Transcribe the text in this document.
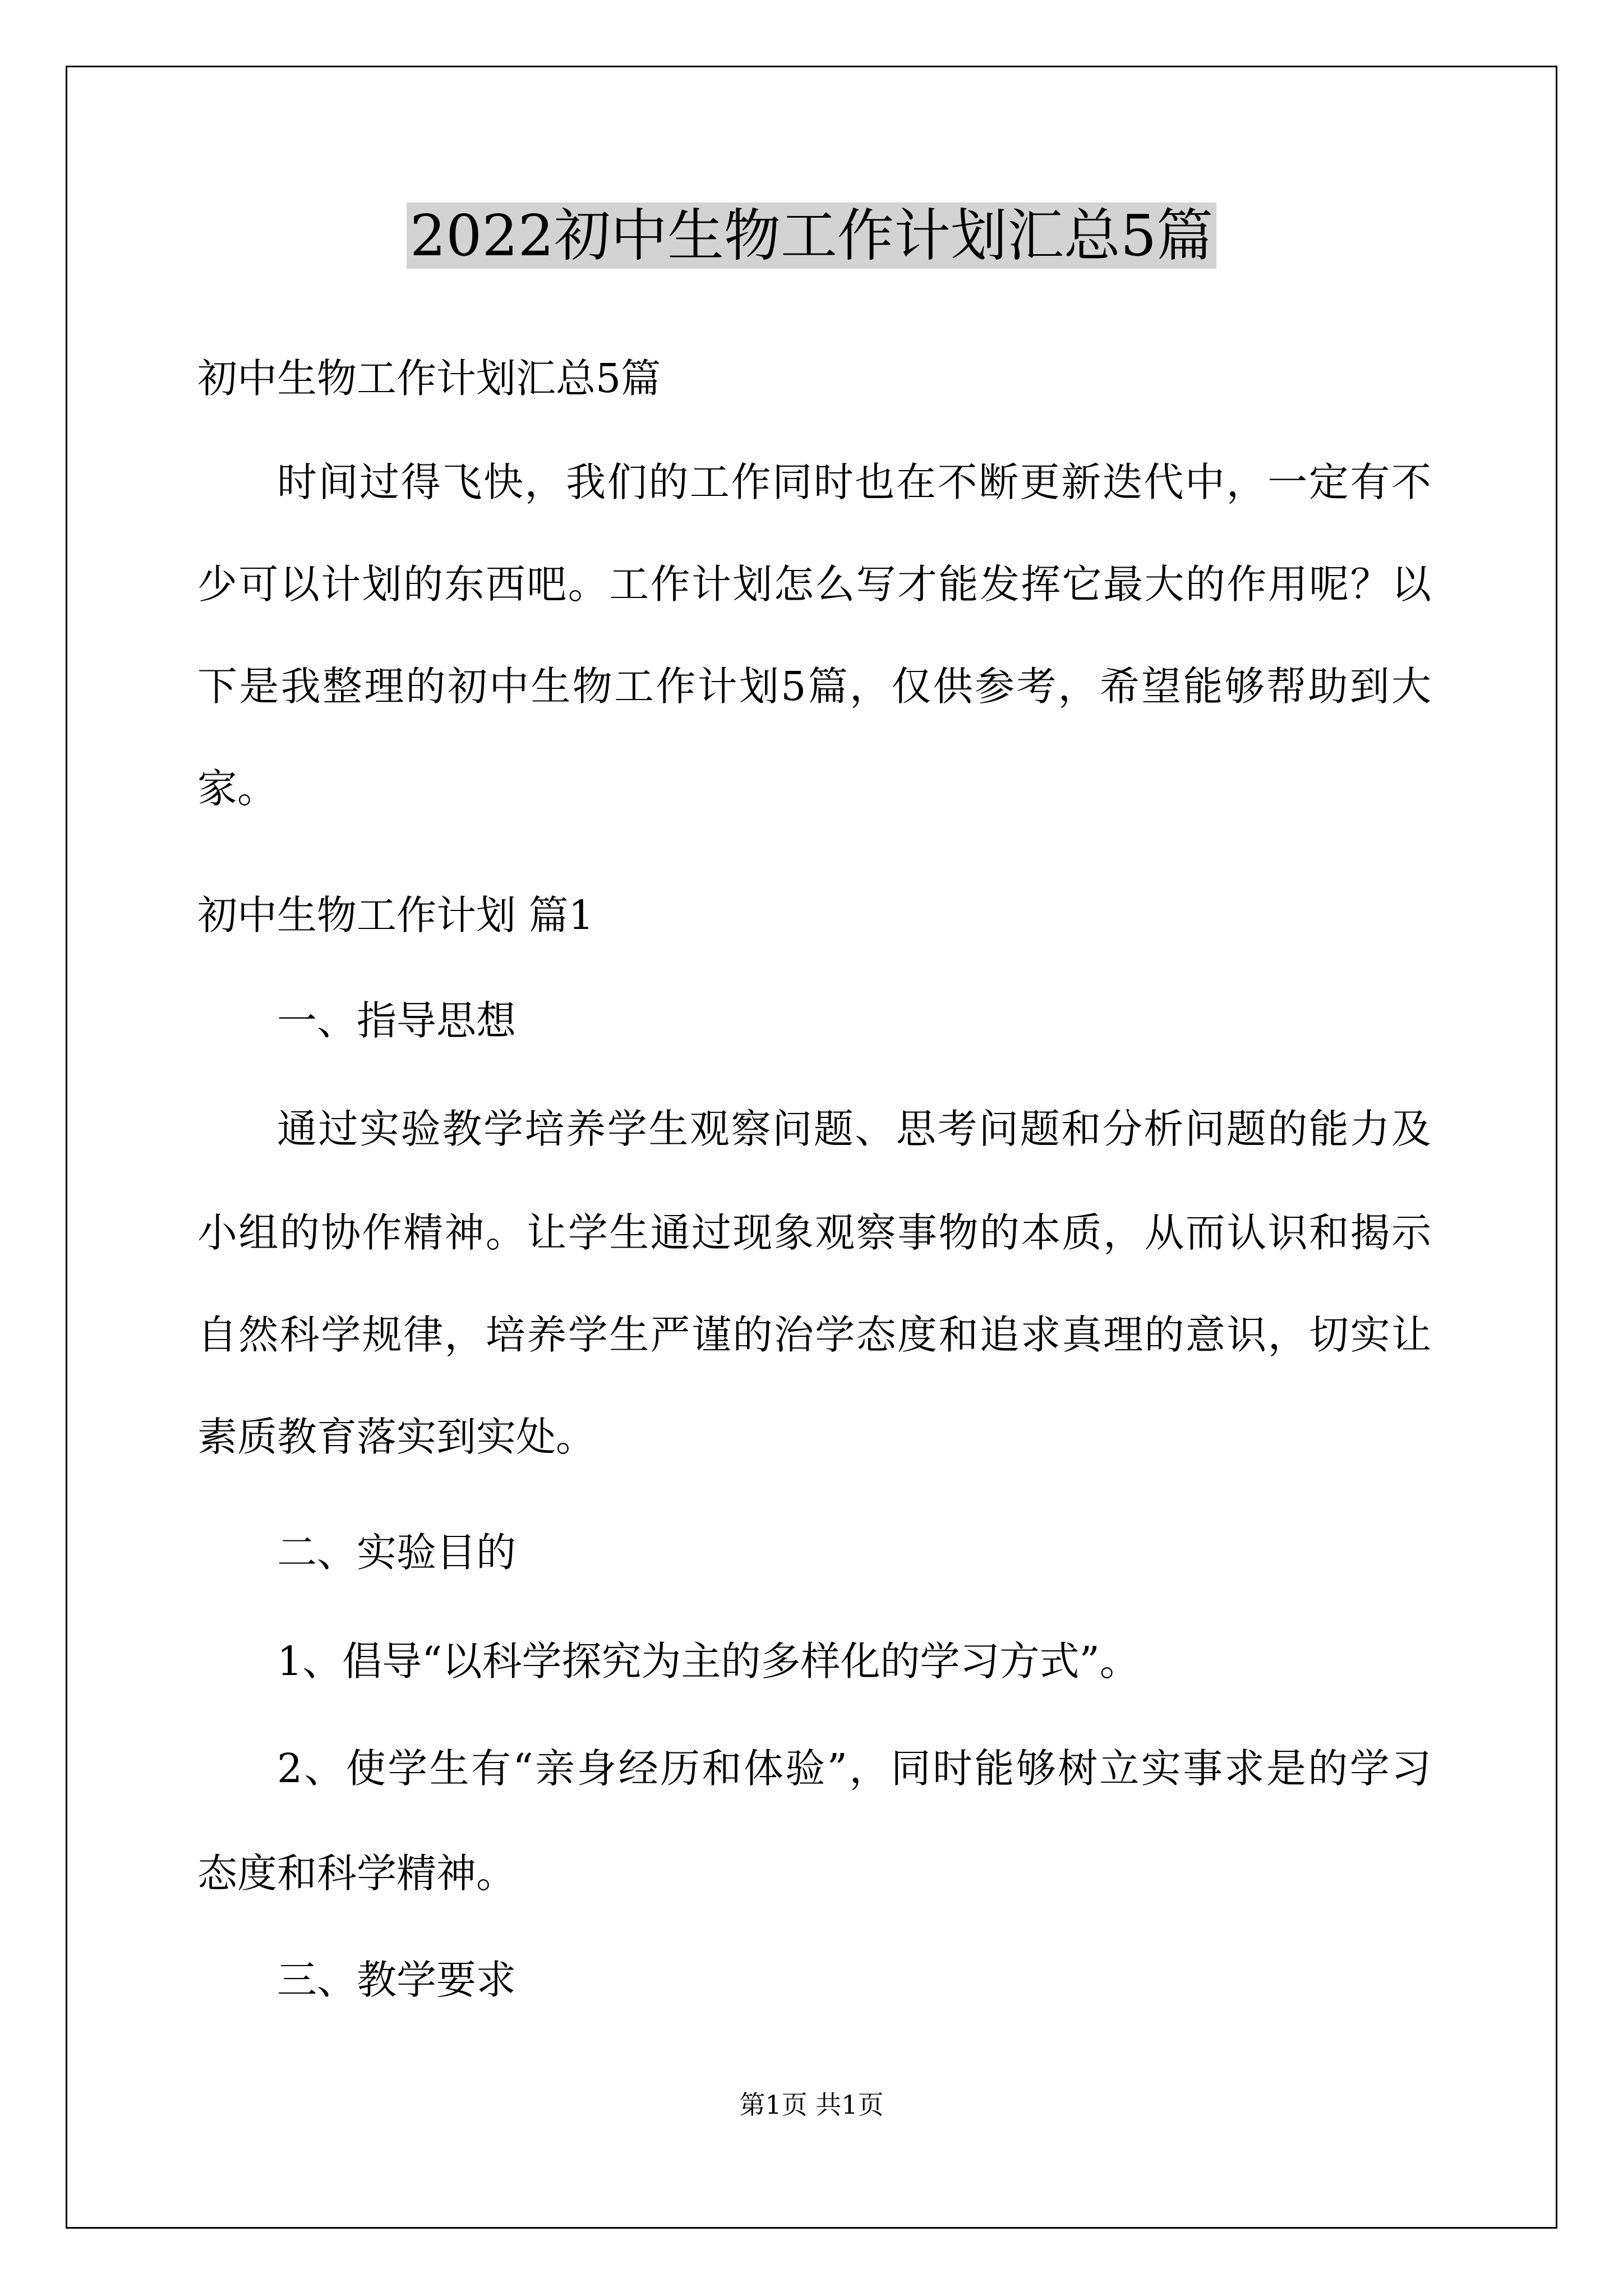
2022初中生物工作计划汇总5篇
初中生物工作计划汇总5篇
时间过得飞快，我们的工作同时也在不断更新迭代中，一定有不
少可以计划的东西吧。工作计划怎么写才能发挥它最大的作用呢？以
下是我整理的初中生物工作计划5篇，仅供参考，希望能够帮助到大
家。
初中生物工作计划 篇1
一、指导思想
通过实验教学培养学生观察问题、思考问题和分析问题的能力及
小组的协作精神。让学生通过现象观察事物的本质，从而认识和揭示
自然科学规律，培养学生严谨的治学态度和追求真理的意识，切实让
素质教育落实到实处。
二、实验目的
1、倡导“以科学探究为主的多样化的学习方式”。
2、使学生有“亲身经历和体验”，同时能够树立实事求是的学习
态度和科学精神。
三、教学要求
第1页 共1页
